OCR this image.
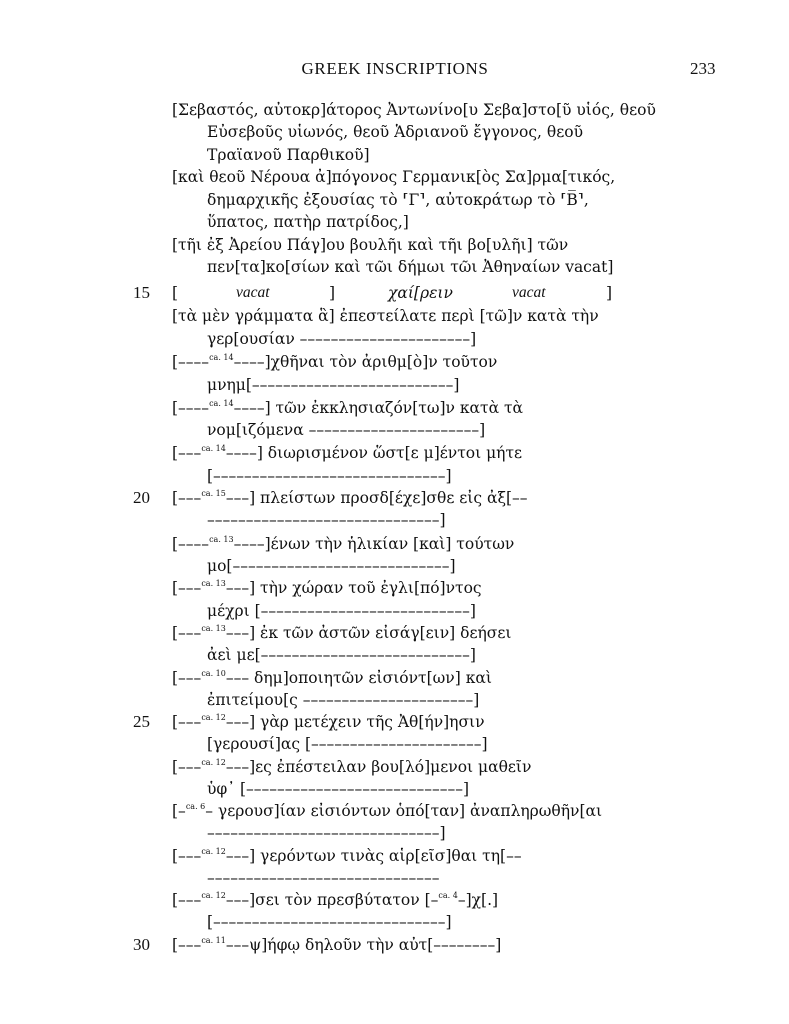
GREEK INSCRIPTIONS	233
[Σεβαστός, αὐτοκρ]άτορος Ἀντωνίνο[υ Σεβα]στο[ῦ υἱός, θεοῦ
Εὐσεβοῦς υἱωνός, θεοῦ Ἁδριανοῦ ἔγγονος, θεοῦ
Τραϊανοῦ Παρθικοῦ]
[καὶ θεοῦ Νέρουα ἀ]πόγονος Γερμανικ[ὸς Σα]ρμα[τικός,
δημαρχικῆς ἐξουσίας τὸ ⸢Γ⸣, αὐτοκράτωρ τὸ ⸢B̅⸣,
ὕπατος, πατὴρ πατρίδος,]
[τῆι ἐξ Ἀρείου Πάγ]ου βουλῆι καὶ τῆι βο[υλῆι] τῶν
πεν[τα]κο[σίων καὶ τῶι δήμωι τῶι Ἀθηναίων vacat]
15	[	vacat	]	χαί[ρειν	vacat	]
[τὰ μὲν γράμματα ἃ] ἐπεστείλατε περὶ [τῶ]ν κατὰ τὴν
γερ[ουσίαν ––––––––––––––––––––––]
[––––$^{ca. 14}$––––]χθῆναι τὸν ἀριθμ[ὸ]ν τοῦτον
μνημ[––––––––––––––––––––––––––]
[––––$^{ca. 14}$––––] τῶν ἐκκλησιαζόν[τω]ν κατὰ τὰ
νομ[ιζόμενα ––––––––––––––––––––––]
[–––$^{ca. 14}$––––] διωρισμένον ὥστ[ε μ]έντοι μήτε
[––––––––––––––––––––––––––––––]
20	[–––$^{ca. 15}$–––] πλείστων προσδ[έχε]σθε εἰς ἀξ[––
––––––––––––––––––––––––––––––]
[––––$^{ca. 13}$––––]ένων τὴν ἡλικίαν [καὶ] τούτων
μο[––––––––––––––––––––––––––––]
[–––$^{ca. 13}$–––] τὴν χώραν τοῦ ἐγλι[πό]ντος
μέχρι [–––––––––––––––––––––––––––]
[–––$^{ca. 13}$–––] ἐκ τῶν ἀστῶν εἰσάγ[ειν] δεήσει
ἀεὶ με[–––––––––––––––––––––––––––]
[–––$^{ca. 10}$––– δημ]οποιητῶν εἰσιόντ[ων] καὶ
ἐπιτείμου[ς ––––––––––––––––––––––]
25	[–––$^{ca. 12}$–––] γὰρ μετέχειν τῆς Ἀθ[ήν]ησιν
[γερουσί]ας [––––––––––––––––––––––]
[–––$^{ca. 12}$–––]ες ἐπέστειλαν βου[λό]μενοι μαθεῖν
ὑφ᾽ [––––––––––––––––––––––––––––]
[–$^{ca. 6}$– γερουσ]ίαν εἰσιόντων ὁπό[ταν] ἀναπληρωθῆν[αι
––––––––––––––––––––––––––––––]
[–––$^{ca. 12}$–––] γερόντων τινὰς αἱρ[εῖσ]θαι τη[––
––––––––––––––––––––––––––––––
[–––$^{ca. 12}$–––]σει τὸν πρεσβύτατον [–$^{ca. 4}$–]χ[.]
[––––––––––––––––––––––––––––––]
30	[–––$^{ca. 11}$–––ψ]ήφῳ δηλοῦν τὴν αὐτ[––––––––]
